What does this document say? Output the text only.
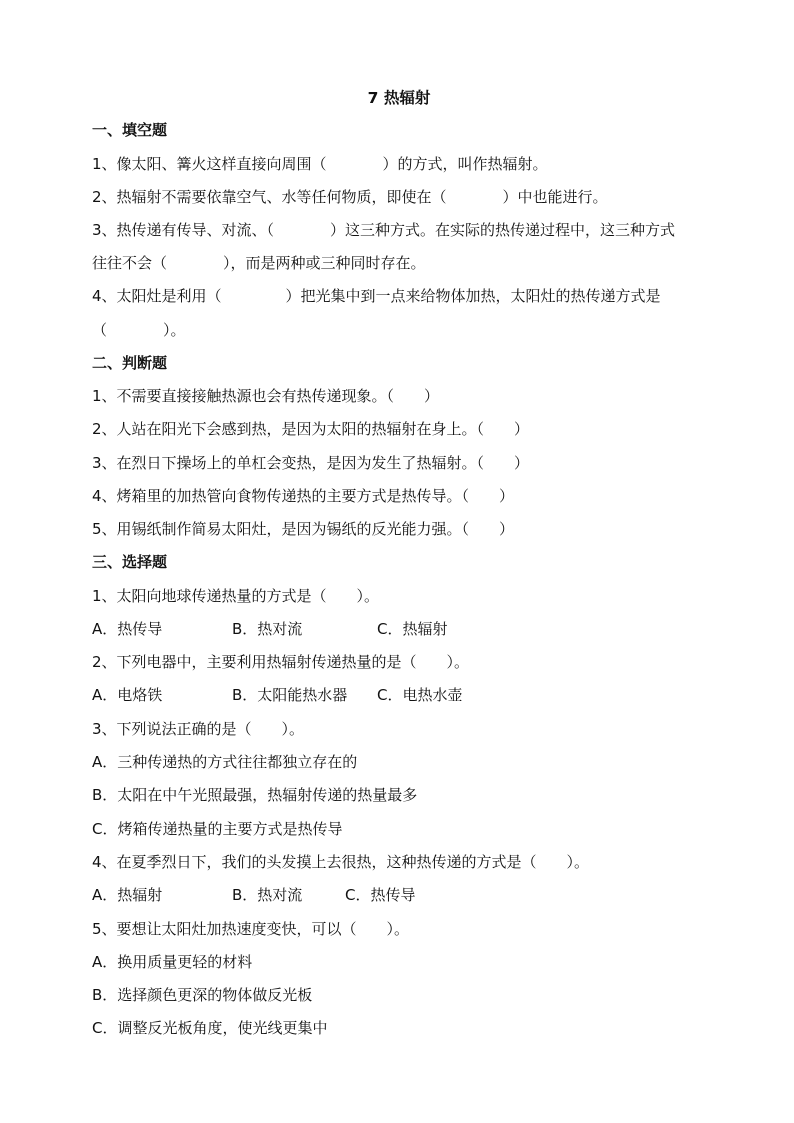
7 热辐射
一、填空题
1、像太阳、篝火这样直接向周围（	）的方式，叫作热辐射。
2、热辐射不需要依靠空气、水等任何物质，即使在（	）中也能进行。
3、热传递有传导、对流、（	）这三种方式。在实际的热传递过程中，这三种方式
往往不会（	），而是两种或三种同时存在。
4、太阳灶是利用（	）把光集中到一点来给物体加热，太阳灶的热传递方式是
（	）。
二、判断题
1、不需要直接接触热源也会有热传递现象。（　　）
2、人站在阳光下会感到热，是因为太阳的热辐射在身上。（　　）
3、在烈日下操场上的单杠会变热，是因为发生了热辐射。（　　）
4、烤箱里的加热管向食物传递热的主要方式是热传导。（　　）
5、用锡纸制作简易太阳灶，是因为锡纸的反光能力强。（　　）
三、选择题
1、太阳向地球传递热量的方式是（　　）。
A．热传导	B．热对流	C．热辐射
2、下列电器中，主要利用热辐射传递热量的是（　　）。
A．电烙铁	B．太阳能热水器 C．电热水壶
3、下列说法正确的是（　　）。
A．三种传递热的方式往往都独立存在的
B．太阳在中午光照最强，热辐射传递的热量最多
C．烤箱传递热量的主要方式是热传导
4、在夏季烈日下，我们的头发摸上去很热，这种热传递的方式是（　　）。
A．热辐射	B．热对流	C．热传导
5、要想让太阳灶加热速度变快，可以（　　）。
A．换用质量更轻的材料
B．选择颜色更深的物体做反光板
C．调整反光板角度，使光线更集中
